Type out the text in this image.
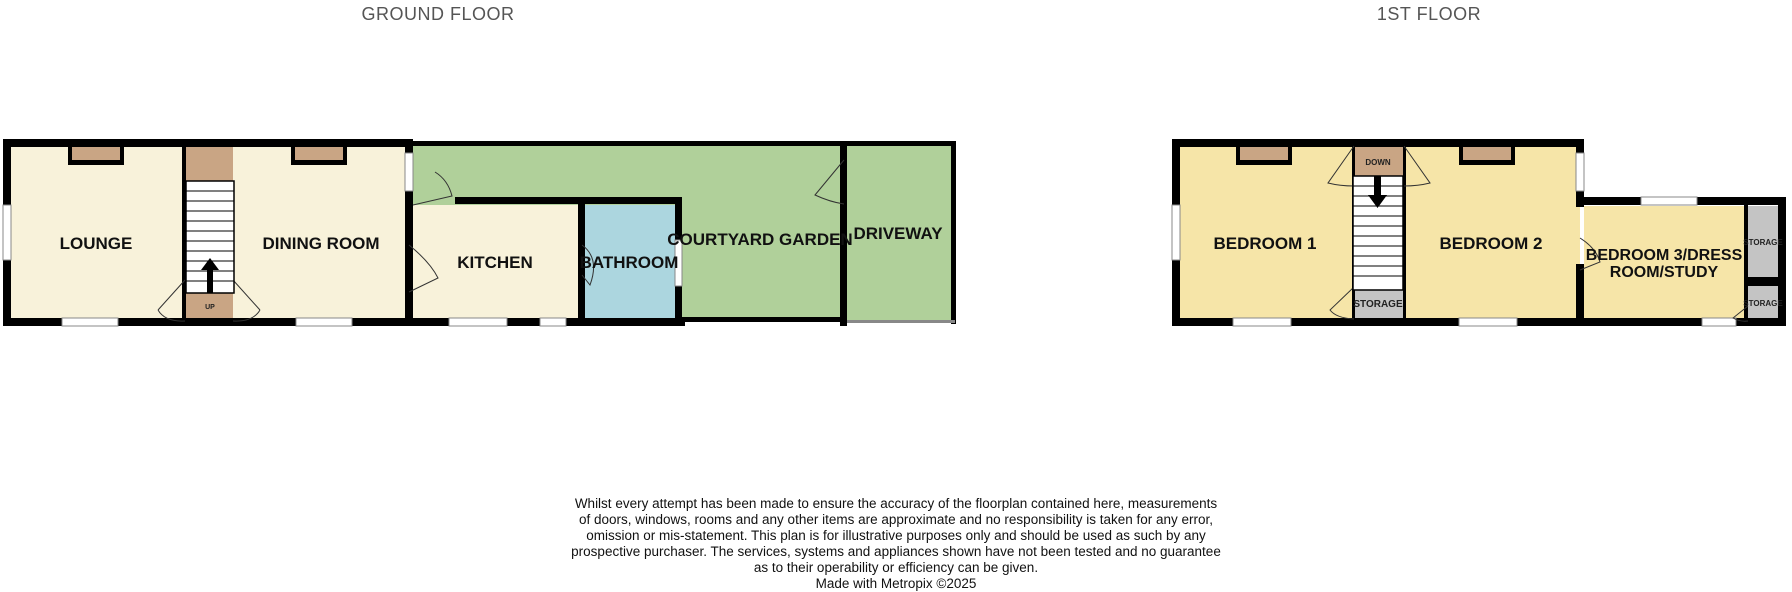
GROUND FLOOR	1ST FLOOR
UP
LOUNGE	DINING ROOM
KITCHEN	BATHROOM
COURTYARD GARDEN DRIVEWAY
DOWN
BEDROOM 1	BEDROOM 2
BEDROOM 3/DRESS
ROOM/STUDY
STORAGE
STORAGE
STORAGE
Whilst every attempt has been made to ensure the accuracy of the floorplan contained here, measurements
of doors, windows, rooms and any other items are approximate and no responsibility is taken for any error,
omission or mis-statement. This plan is for illustrative purposes only and should be used as such by any
prospective purchaser. The services, systems and appliances shown have not been tested and no guarantee
as to their operability or efficiency can be given.
Made with Metropix ©2025
